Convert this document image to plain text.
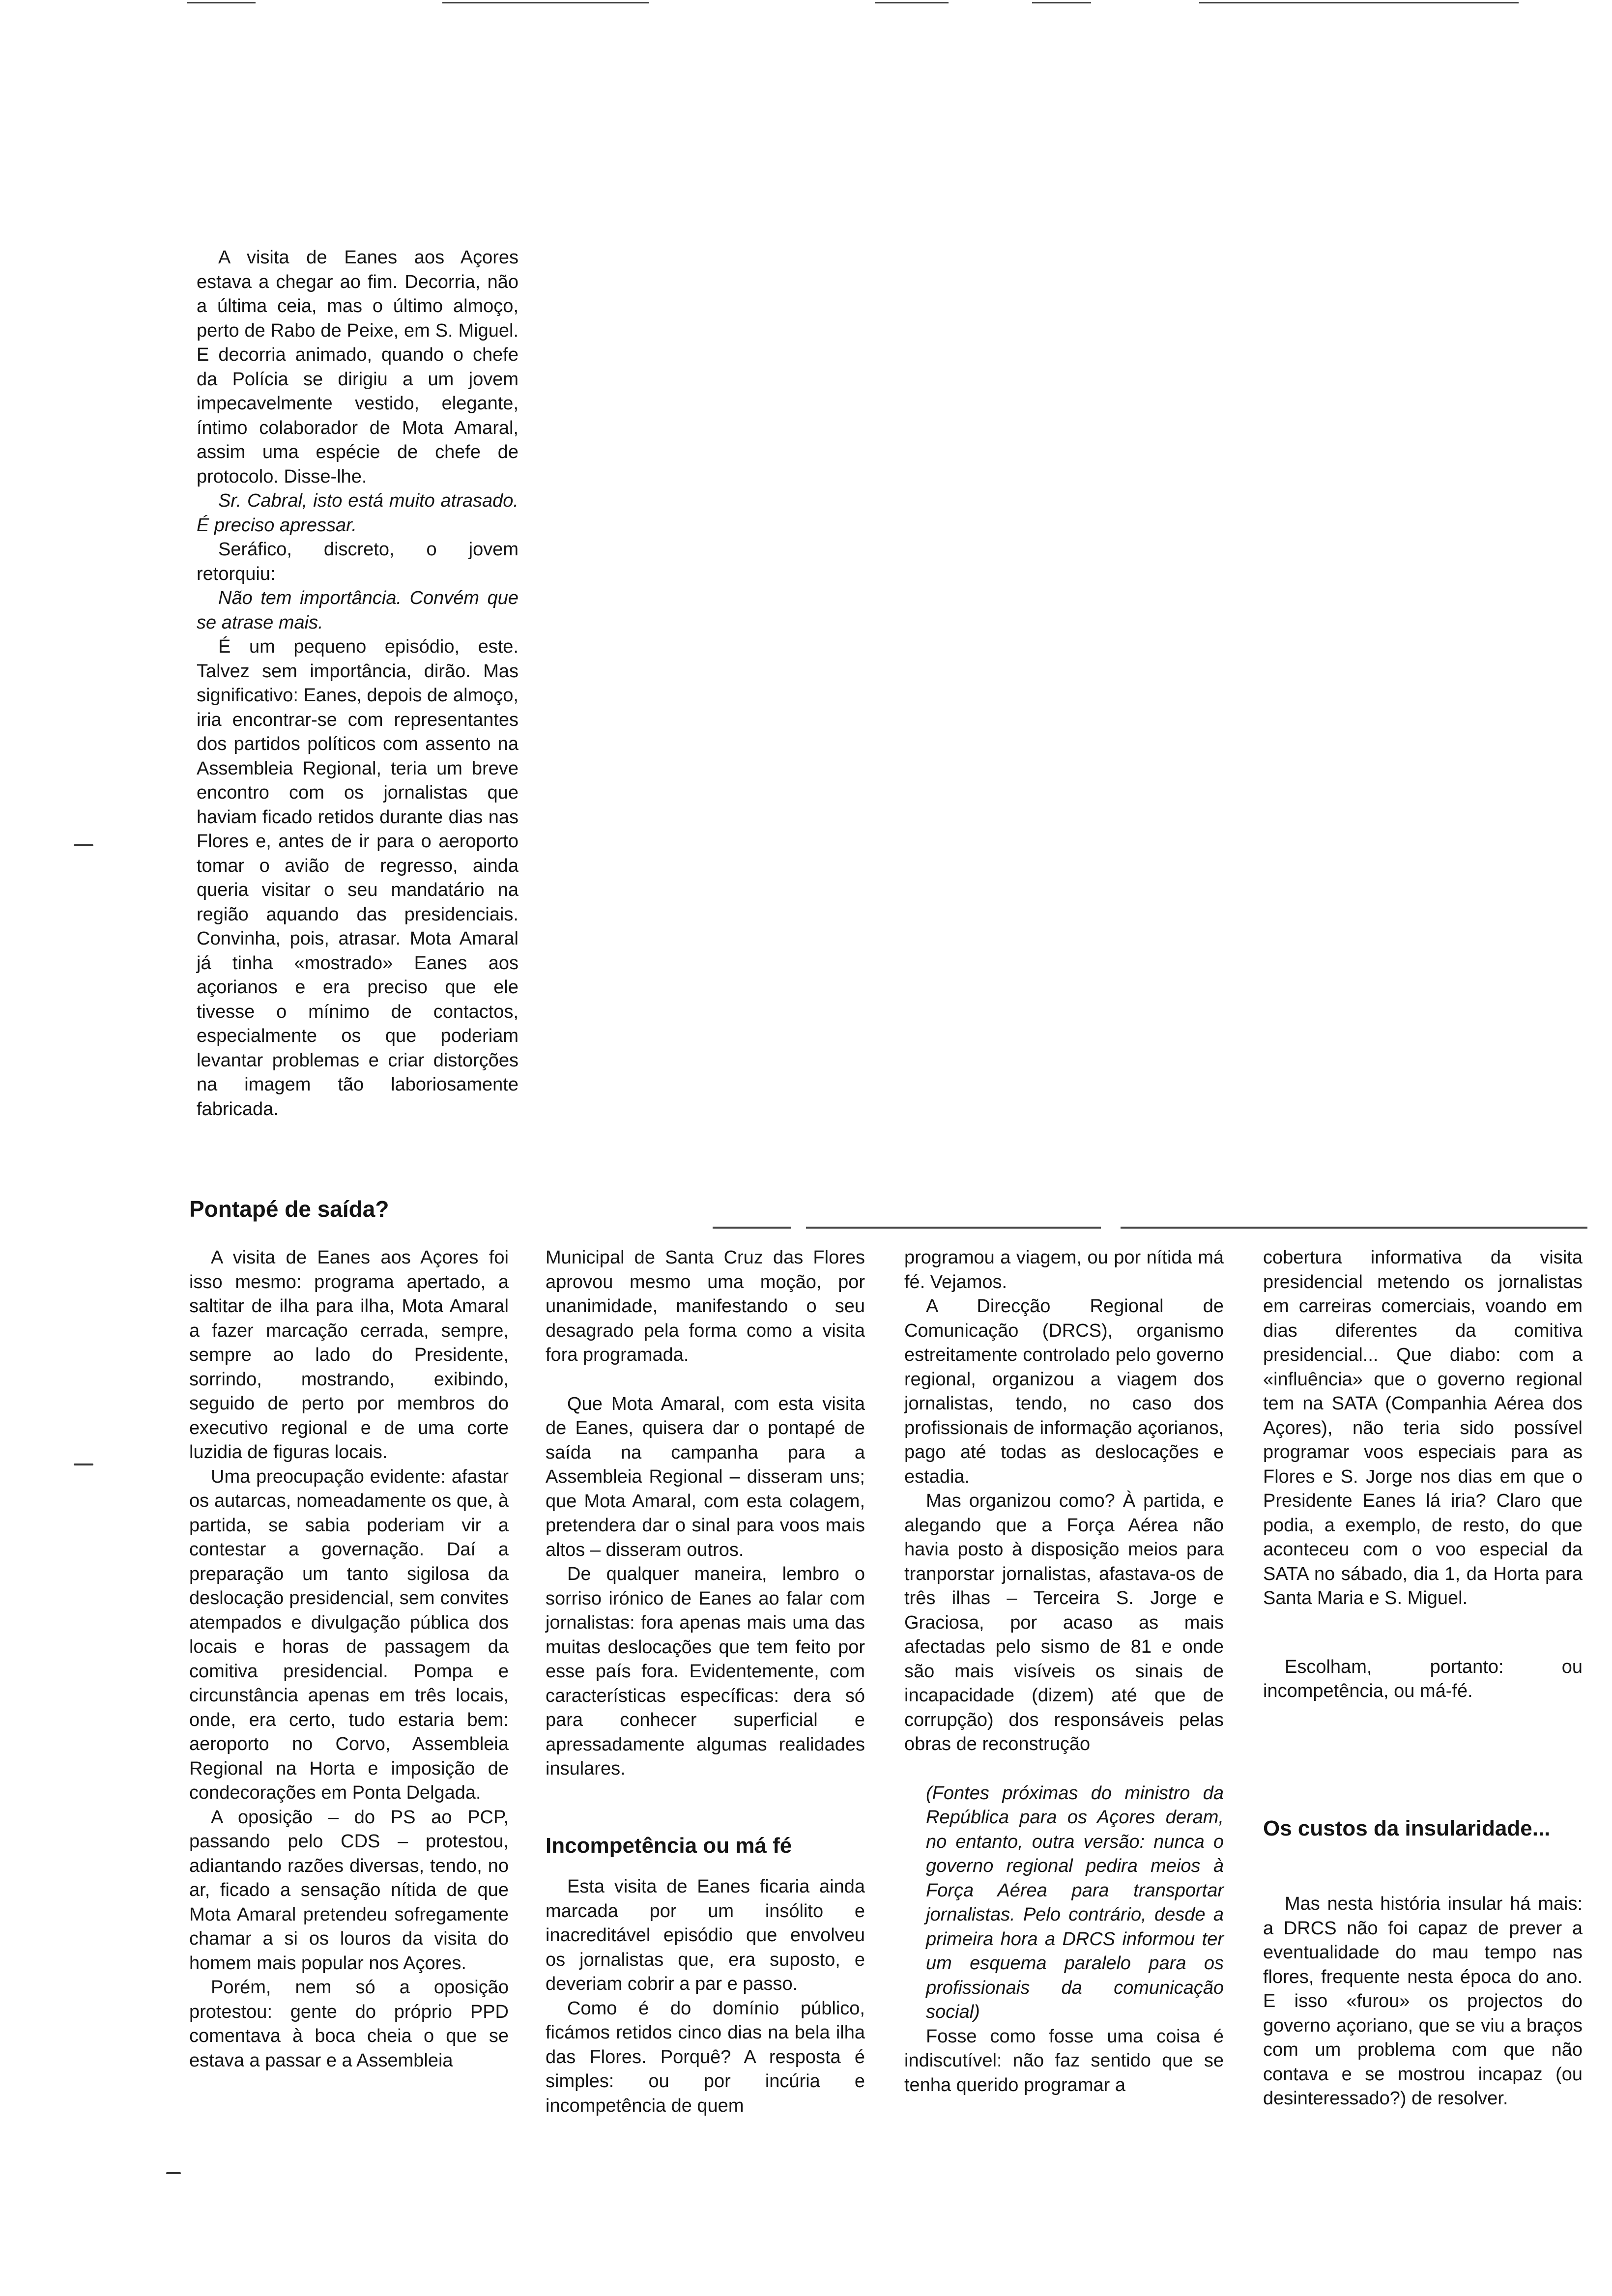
A visita de Eanes aos Açores estava a chegar ao fim. Decorria, não a última ceia, mas o último almoço, perto de Rabo de Peixe, em S. Miguel. E decorria animado, quando o chefe da Polícia se dirigiu a um jovem impecavelmente vestido, elegante, íntimo colaborador de Mota Amaral, assim uma espécie de chefe de protocolo. Disse-lhe.

Sr. Cabral, isto está muito atrasado. É preciso apressar.

Seráfico, discreto, o jovem retorquiu:

Não tem importância. Convém que se atrase mais.

É um pequeno episódio, este. Talvez sem importância, dirão. Mas significativo: Eanes, depois de almoço, iria encontrar-se com representantes dos partidos políticos com assento na Assembleia Regional, teria um breve encontro com os jornalistas que haviam ficado retidos durante dias nas Flores e, antes de ir para o aeroporto tomar o avião de regresso, ainda queria visitar o seu mandatário na região aquando das presidenciais. Convinha, pois, atrasar. Mota Amaral já tinha «mostrado» Eanes aos açorianos e era preciso que ele tivesse o mínimo de contactos, especialmente os que poderiam levantar problemas e criar distorções na imagem tão laboriosamente fabricada.

Pontapé de saída?

A visita de Eanes aos Açores foi isso mesmo: programa apertado, a saltitar de ilha para ilha, Mota Amaral a fazer marcação cerrada, sempre, sempre ao lado do Presidente, sorrindo, mostrando, exibindo, seguido de perto por membros do executivo regional e de uma corte luzidia de figuras locais.

Uma preocupação evidente: afastar os autarcas, nomeadamente os que, à partida, se sabia poderiam vir a contestar a governação. Daí a preparação um tanto sigilosa da deslocação presidencial, sem convites atempados e divulgação pública dos locais e horas de passagem da comitiva presidencial. Pompa e circunstância apenas em três locais, onde, era certo, tudo estaria bem: aeroporto no Corvo, Assembleia Regional na Horta e imposição de condecorações em Ponta Delgada.

A oposição – do PS ao PCP, passando pelo CDS – protestou, adiantando razões diversas, tendo, no ar, ficado a sensação nítida de que Mota Amaral pretendeu sofregamente chamar a si os louros da visita do homem mais popular nos Açores.

Porém, nem só a oposição protestou: gente do próprio PPD comentava à boca cheia o que se estava a passar e a Assembleia

Municipal de Santa Cruz das Flores aprovou mesmo uma moção, por unanimidade, manifestando o seu desagrado pela forma como a visita fora programada.

Que Mota Amaral, com esta visita de Eanes, quisera dar o pontapé de saída na campanha para a Assembleia Regional – disseram uns; que Mota Amaral, com esta colagem, pretendera dar o sinal para voos mais altos – disseram outros.

De qualquer maneira, lembro o sorriso irónico de Eanes ao falar com jornalistas: fora apenas mais uma das muitas deslocações que tem feito por esse país fora. Evidentemente, com características específicas: dera só para conhecer superficial e apressadamente algumas realidades insulares.

Incompetência ou má fé

Esta visita de Eanes ficaria ainda marcada por um insólito e inacreditável episódio que envolveu os jornalistas que, era suposto, e deveriam cobrir a par e passo.

Como é do domínio público, ficámos retidos cinco dias na bela ilha das Flores. Porquê? A resposta é simples: ou por incúria e incompetência de quem

programou a viagem, ou por nítida má fé. Vejamos.

A Direcção Regional de Comunicação (DRCS), organismo estreitamente controlado pelo governo regional, organizou a viagem dos jornalistas, tendo, no caso dos profissionais de informação açorianos, pago até todas as deslocações e estadia.

Mas organizou como? À partida, e alegando que a Força Aérea não havia posto à disposição meios para tranporstar jornalistas, afastava-os de três ilhas – Terceira S. Jorge e Graciosa, por acaso as mais afectadas pelo sismo de 81 e onde são mais visíveis os sinais de incapacidade (dizem) até que de corrupção) dos responsáveis pelas obras de reconstrução

(Fontes próximas do ministro da República para os Açores deram, no entanto, outra versão: nunca o governo regional pedira meios à Força Aérea para transportar jornalistas. Pelo contrário, desde a primeira hora a DRCS informou ter um esquema paralelo para os profissionais da comunicação social)

Fosse como fosse uma coisa é indiscutível: não faz sentido que se tenha querido programar a

cobertura informativa da visita presidencial metendo os jornalistas em carreiras comerciais, voando em dias diferentes da comitiva presidencial... Que diabo: com a «influência» que o governo regional tem na SATA (Companhia Aérea dos Açores), não teria sido possível programar voos especiais para as Flores e S. Jorge nos dias em que o Presidente Eanes lá iria? Claro que podia, a exemplo, de resto, do que aconteceu com o voo especial da SATA no sábado, dia 1, da Horta para Santa Maria e S. Miguel.

Escolham, portanto: ou incompetência, ou má-fé.

Os custos da insularidade...

Mas nesta história insular há mais: a DRCS não foi capaz de prever a eventualidade do mau tempo nas flores, frequente nesta época do ano. E isso «furou» os projectos do governo açoriano, que se viu a braços com um problema com que não contava e se mostrou incapaz (ou desinteressado?) de resolver.
